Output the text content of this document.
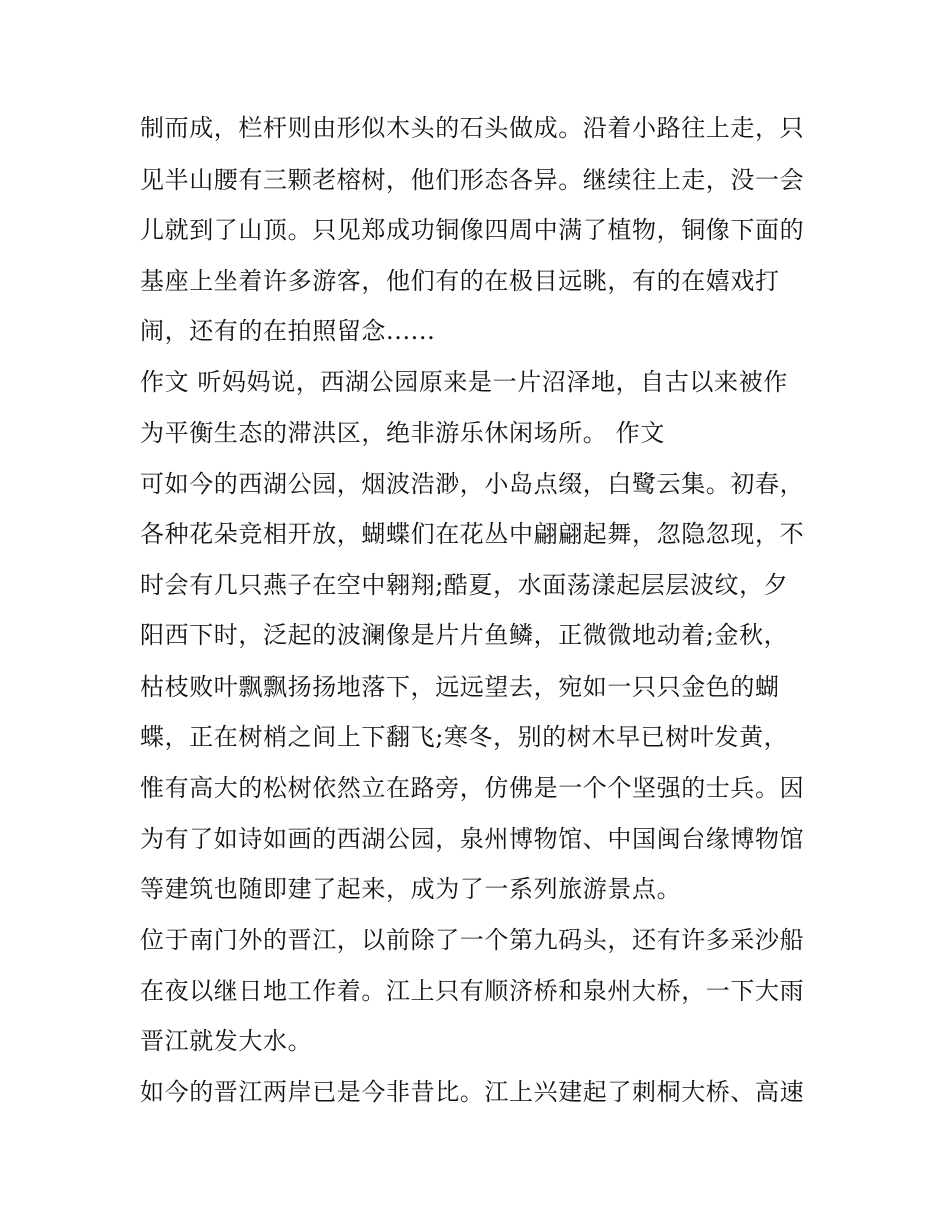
制而成，栏杆则由形似木头的石头做成。沿着小路往上走，只
见半山腰有三颗老榕树，他们形态各异。继续往上走，没一会
儿就到了山顶。只见郑成功铜像四周中满了植物，铜像下面的
基座上坐着许多游客，他们有的在极目远眺，有的在嬉戏打
闹，还有的在拍照留念......
作文 听妈妈说，西湖公园原来是一片沼泽地，自古以来被作
为平衡生态的滞洪区，绝非游乐休闲场所。 作文
可如今的西湖公园，烟波浩渺，小岛点缀，白鹭云集。初春，
各种花朵竞相开放，蝴蝶们在花丛中翩翩起舞，忽隐忽现，不
时会有几只燕子在空中翱翔;酷夏，水面荡漾起层层波纹，夕
阳西下时，泛起的波澜像是片片鱼鳞，正微微地动着;金秋，
枯枝败叶飘飘扬扬地落下，远远望去，宛如一只只金色的蝴
蝶，正在树梢之间上下翻飞;寒冬，别的树木早已树叶发黄，
惟有高大的松树依然立在路旁，仿佛是一个个坚强的士兵。因
为有了如诗如画的西湖公园，泉州博物馆、中国闽台缘博物馆
等建筑也随即建了起来，成为了一系列旅游景点。
位于南门外的晋江，以前除了一个第九码头，还有许多采沙船
在夜以继日地工作着。江上只有顺济桥和泉州大桥，一下大雨
晋江就发大水。
如今的晋江两岸已是今非昔比。江上兴建起了刺桐大桥、高速
